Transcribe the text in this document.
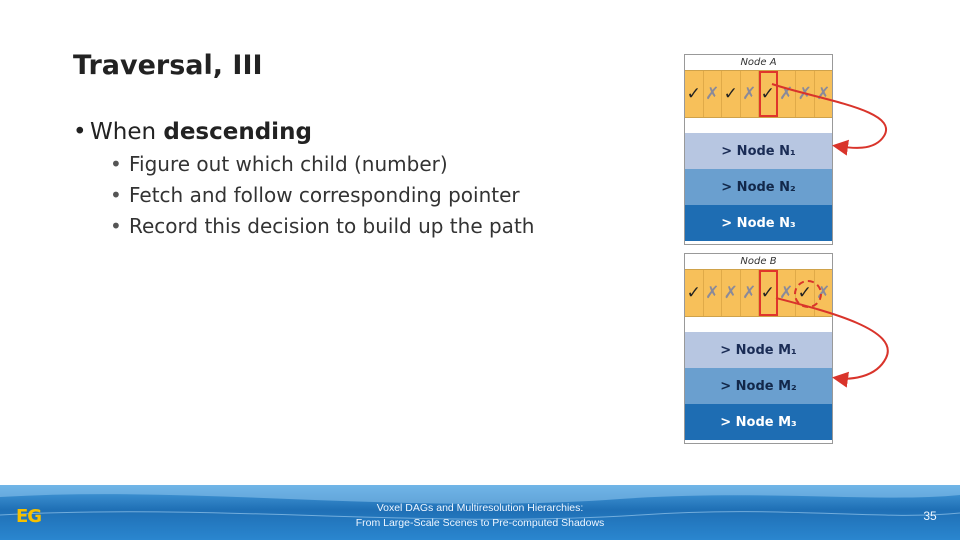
Traversal, III
• When descending
• Figure out which child (number)
• Fetch and follow corresponding pointer
• Record this decision to build up the path
Node A
✓ ✗ ✓ ✗ ✓ ✗ ✗ ✗
> Node N₁
> Node N₂
> Node N₃
Node B
✓ ✗ ✗ ✗ ✓ ✗ ✓ ✗
> Node M₁
> Node M₂
> Node M₃
EG	Voxel DAGs and Multiresolution Hierarchies:
From Large-Scale Scenes to Pre-computed Shadows	35
